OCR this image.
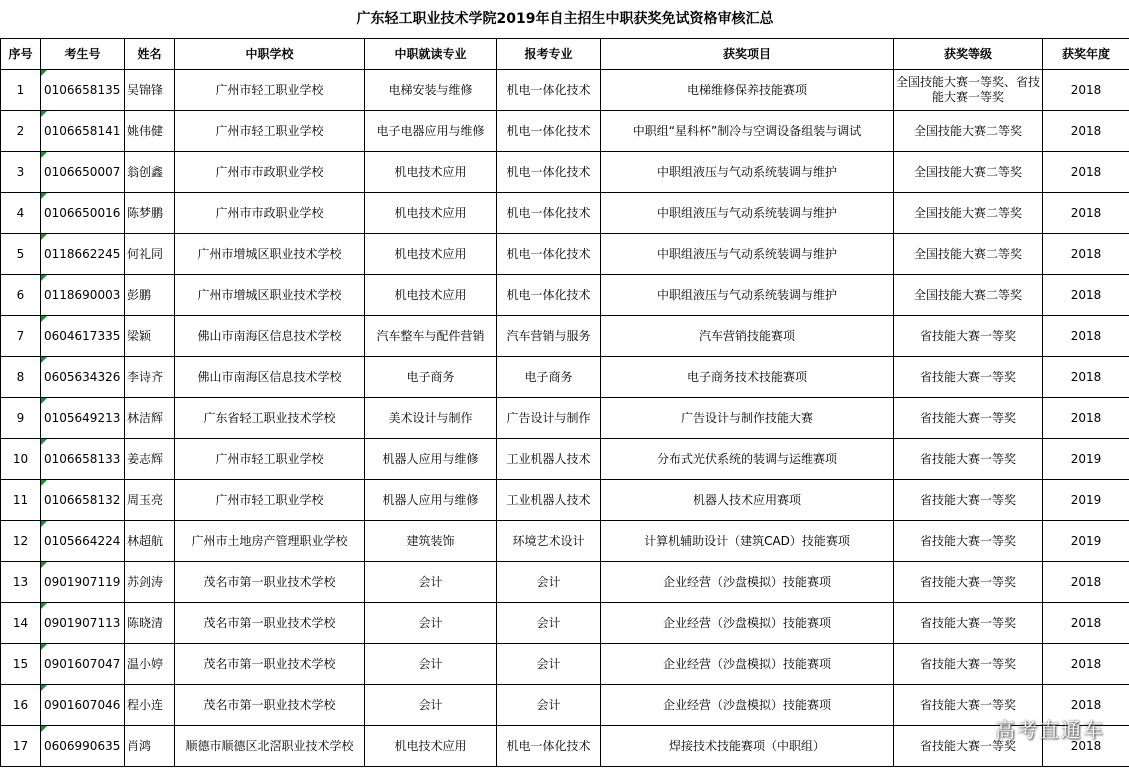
广东轻工职业技术学院2019年自主招生中职获奖免试资格审核汇总								
序号	考生号	姓名	中职学校	中职就读专业	报考专业	获奖项目	获奖等级	获奖年度
1	0106658135	吴锦锋	广州市轻工职业学校	电梯安装与维修	机电一体化技术	电梯维修保养技能赛项	全国技能大赛一等奖、省技能大赛一等奖	2018
2	0106658141	姚伟健	广州市轻工职业学校	电子电器应用与维修	机电一体化技术	中职组“星科杯”制冷与空调设备组装与调试	全国技能大赛二等奖	2018
3	0106650007	翁创鑫	广州市市政职业学校	机电技术应用	机电一体化技术	中职组液压与气动系统装调与维护	全国技能大赛二等奖	2018
4	0106650016	陈梦鹏	广州市市政职业学校	机电技术应用	机电一体化技术	中职组液压与气动系统装调与维护	全国技能大赛二等奖	2018
5	0118662245	何礼同	广州市增城区职业技术学校	机电技术应用	机电一体化技术	中职组液压与气动系统装调与维护	全国技能大赛二等奖	2018
6	0118690003	彭鹏	广州市增城区职业技术学校	机电技术应用	机电一体化技术	中职组液压与气动系统装调与维护	全国技能大赛二等奖	2018
7	0604617335	梁颖	佛山市南海区信息技术学校	汽车整车与配件营销	汽车营销与服务	汽车营销技能赛项	省技能大赛一等奖	2018
8	0605634326	李诗齐	佛山市南海区信息技术学校	电子商务	电子商务	电子商务技术技能赛项	省技能大赛一等奖	2018
9	0105649213	林洁辉	广东省轻工职业技术学校	美术设计与制作	广告设计与制作	广告设计与制作技能大赛	省技能大赛一等奖	2018
10	0106658133	姜志辉	广州市轻工职业学校	机器人应用与维修	工业机器人技术	分布式光伏系统的装调与运维赛项	省技能大赛一等奖	2019
11	0106658132	周玉亮	广州市轻工职业学校	机器人应用与维修	工业机器人技术	机器人技术应用赛项	省技能大赛一等奖	2019
12	0105664224	林超航	广州市土地房产管理职业学校	建筑装饰	环境艺术设计	计算机辅助设计（建筑CAD）技能赛项	省技能大赛一等奖	2019
13	0901907119	苏剑涛	茂名市第一职业技术学校	会计	会计	企业经营（沙盘模拟）技能赛项	省技能大赛一等奖	2018
14	0901907113	陈晓清	茂名市第一职业技术学校	会计	会计	企业经营（沙盘模拟）技能赛项	省技能大赛一等奖	2018
15	0901607047	温小婷	茂名市第一职业技术学校	会计	会计	企业经营（沙盘模拟）技能赛项	省技能大赛一等奖	2018
16	0901607046	程小连	茂名市第一职业技术学校	会计	会计	企业经营（沙盘模拟）技能赛项	省技能大赛一等奖	2018
17	0606990635	肖鸿	顺德市顺德区北滘职业技术学校	机电技术应用	机电一体化技术	焊接技术技能赛项（中职组）	省技能大赛一等奖	2018
高考直通车
